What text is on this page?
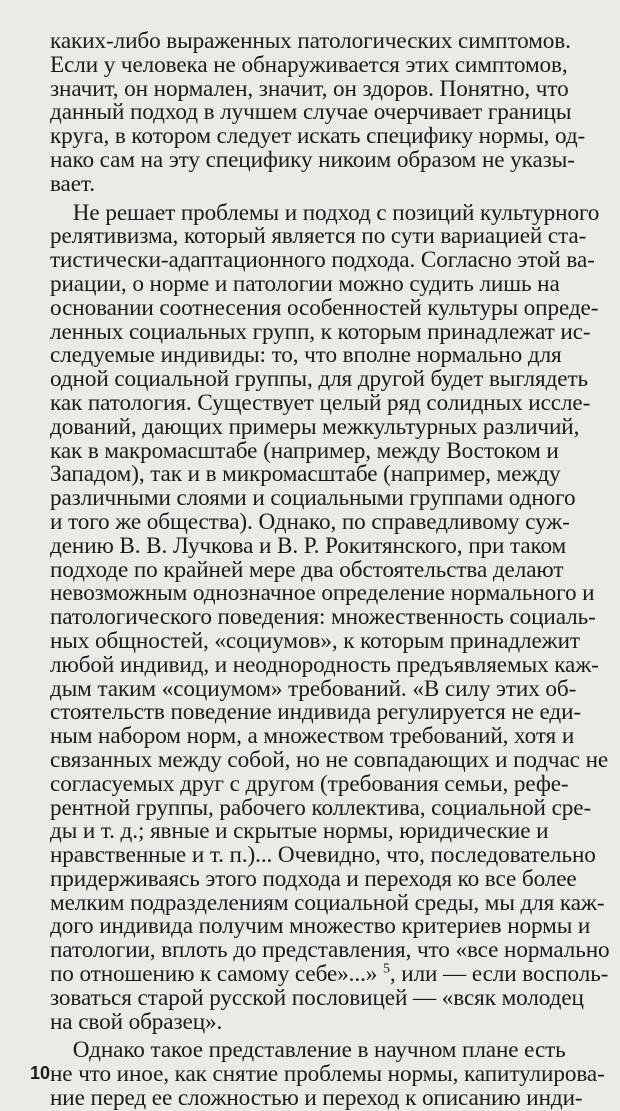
каких-либо выраженных патологических симптомов.
Если у человека не обнаруживается этих симптомов,
значит, он нормален, значит, он здоров. Понятно, что
данный подход в лучшем случае очерчивает границы
круга, в котором следует искать специфику нормы, од-
нако сам на эту специфику никоим образом не указы-
вает.
Не решает проблемы и подход с позиций культурного
релятивизма, который является по сути вариацией ста-
тистически-адаптационного подхода. Согласно этой ва-
риации, о норме и патологии можно судить лишь на
основании соотнесения особенностей культуры опреде-
ленных социальных групп, к которым принадлежат ис-
следуемые индивиды: то, что вполне нормально для
одной социальной группы, для другой будет выглядеть
как патология. Существует целый ряд солидных иссле-
дований, дающих примеры межкультурных различий,
как в макромасштабе (например, между Востоком и
Западом), так и в микромасштабе (например, между
различными слоями и социальными группами одного
и того же общества). Однако, по справедливому суж-
дению В. В. Лучкова и В. Р. Рокитянского, при таком
подходе по крайней мере два обстоятельства делают
невозможным однозначное определение нормального и
патологического поведения: множественность социаль-
ных общностей, «социумов», к которым принадлежит
любой индивид, и неоднородность предъявляемых каж-
дым таким «социумом» требований. «В силу этих об-
стоятельств поведение индивида регулируется не еди-
ным набором норм, а множеством требований, хотя и
связанных между собой, но не совпадающих и подчас не
согласуемых друг с другом (требования семьи, рефе-
рентной группы, рабочего коллектива, социальной сре-
ды и т. д.; явные и скрытые нормы, юридические и
нравственные и т. п.)... Очевидно, что, последовательно
придерживаясь этого подхода и переходя ко все более
мелким подразделениям социальной среды, мы для каж-
дого индивида получим множество критериев нормы и
патологии, вплоть до представления, что «все нормально
по отношению к самому себе»...» $^5$, или — если восполь-
зоваться старой русской пословицей — «всяк молодец
на свой образец».
Однако такое представление в научном плане есть
не что иное, как снятие проблемы нормы, капитулирова-
ние перед ее сложностью и переход к описанию инди-
10
